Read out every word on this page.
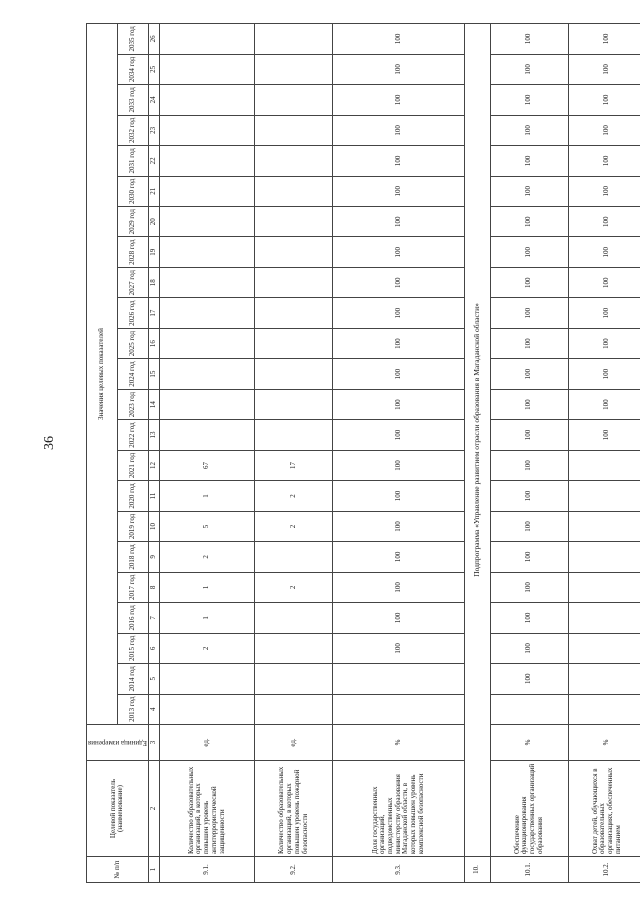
36
№ п/п	Целевой показатель (наименование)	Единица измерения	Значения целевых показателей																						
			2013 год	2014 год	2015 год	2016 год	2017 год	2018 год	2019 год	2020 год	2021 год	2022 год	2023 год	2024 год	2025 год	2026 год	2027 год	2028 год	2029 год	2030 год	2031 год	2032 год	2033 год	2034 год	2035 год
1	2	3	4	5	6	7	8	9	10	11	12	13	14	15	16	17	18	19	20	21	22	23	24	25	26
9.1.	Количество образовательных организаций, в которых повышен уровень антитеррористической защищенности	ед.			2	1	1	2	5	1	67														
9.2.	Количество образовательных организаций, в которых повышен уровень пожарной безопасности	ед.					2		2	2	17														
9.3.	Доля государственных организаций, подведомственных министерству образования Магаданской области, в которых повышен уровень комплексной безопасности	%			100	100	100	100	100	100	100	100	100	100	100	100	100	100	100	100	100	100	100	100	100
10.	Подпрограмма «Управление развитием отрасли образования в Магаданской области»																								
10.1.	Обеспечение функционирования государственных организаций образования	%		100	100	100	100	100	100	100	100	100	100	100	100	100	100	100	100	100	100	100	100	100	100
10.2.	Охват детей, обучающихся в образовательных организациях, обеспеченных питанием	%										100	100	100	100	100	100	100	100	100	100	100	100	100	100
